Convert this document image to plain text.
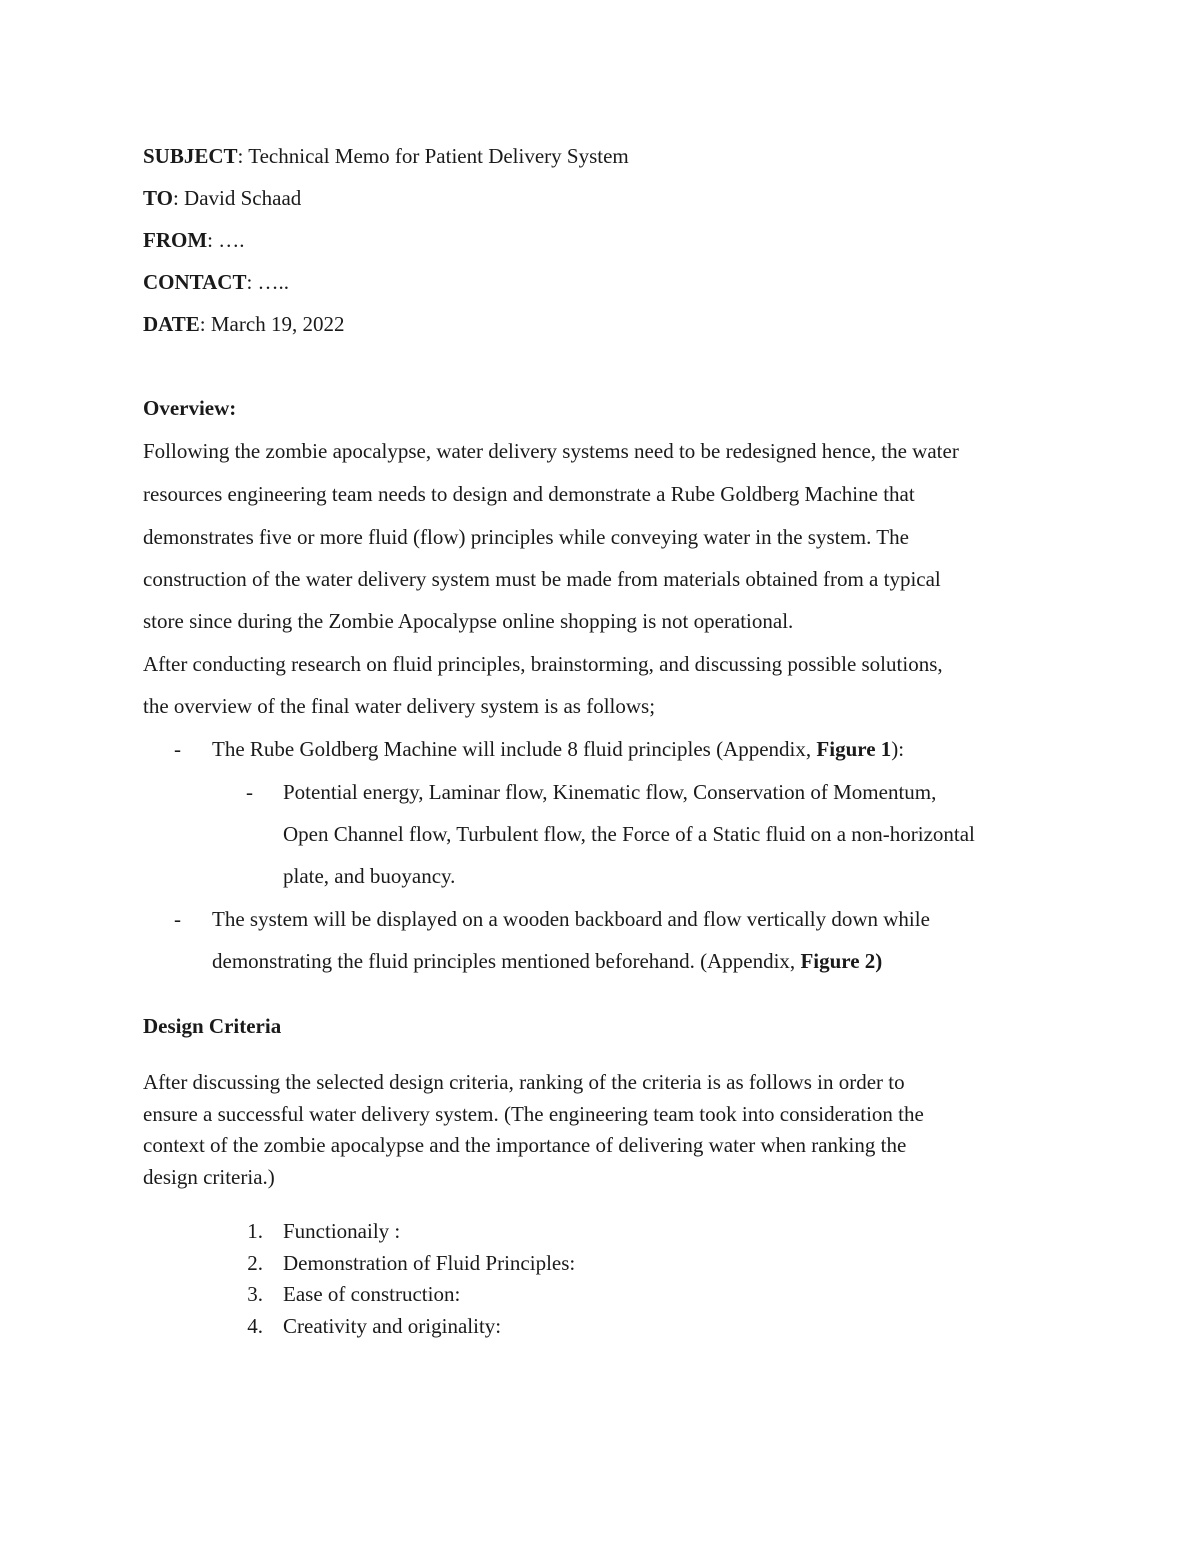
SUBJECT: Technical Memo for Patient Delivery System
TO: David Schaad
FROM: ….
CONTACT: …..
DATE: March 19, 2022
Overview:
Following the zombie apocalypse, water delivery systems need to be redesigned hence, the water
resources engineering team needs to design and demonstrate a Rube Goldberg Machine that
demonstrates five or more fluid (flow) principles while conveying water in the system. The
construction of the water delivery system must be made from materials obtained from a typical
store since during the Zombie Apocalypse online shopping is not operational.
After conducting research on fluid principles, brainstorming, and discussing possible solutions,
the overview of the final water delivery system is as follows;
- The Rube Goldberg Machine will include 8 fluid principles (Appendix, Figure 1):
- Potential energy, Laminar flow, Kinematic flow, Conservation of Momentum,
Open Channel flow, Turbulent flow, the Force of a Static fluid on a non-horizontal
plate, and buoyancy.
- The system will be displayed on a wooden backboard and flow vertically down while
demonstrating the fluid principles mentioned beforehand. (Appendix, Figure 2)
Design Criteria
After discussing the selected design criteria, ranking of the criteria is as follows in order to
ensure a successful water delivery system. (The engineering team took into consideration the
context of the zombie apocalypse and the importance of delivering water when ranking the
design criteria.)
1. Functionaily :
2. Demonstration of Fluid Principles:
3. Ease of construction:
4. Creativity and originality:
